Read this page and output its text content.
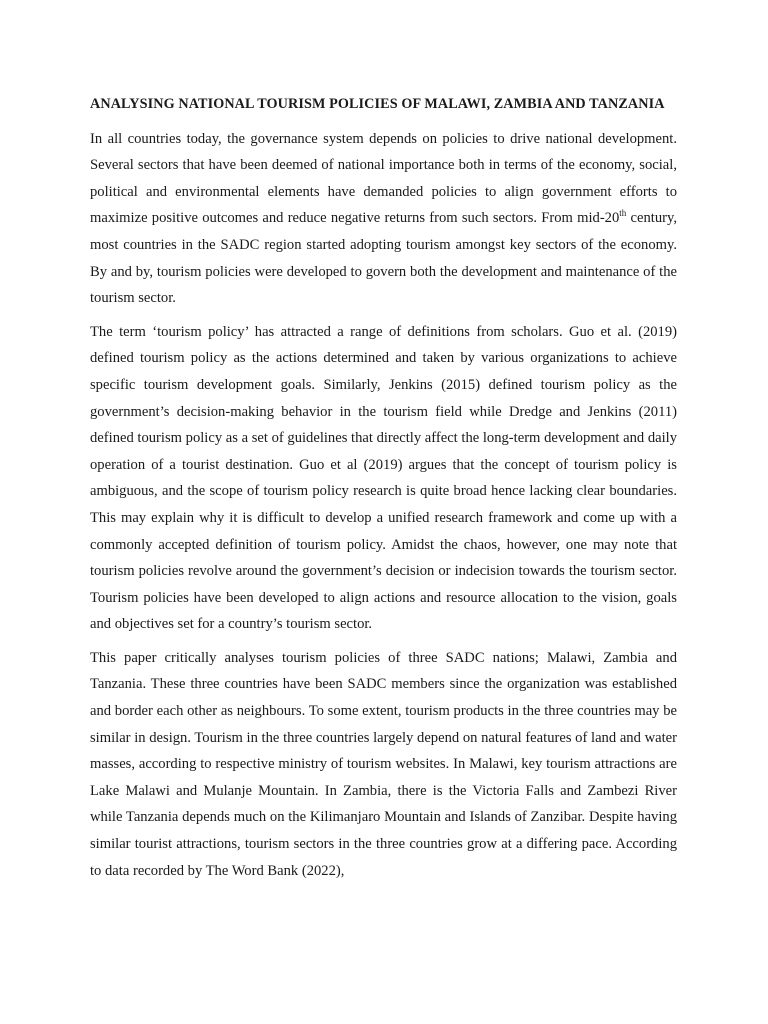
ANALYSING NATIONAL TOURISM POLICIES OF MALAWI, ZAMBIA AND TANZANIA

In all countries today, the governance system depends on policies to drive national development. Several sectors that have been deemed of national importance both in terms of the economy, social, political and environmental elements have demanded policies to align government efforts to maximize positive outcomes and reduce negative returns from such sectors. From mid-20th century, most countries in the SADC region started adopting tourism amongst key sectors of the economy. By and by, tourism policies were developed to govern both the development and maintenance of the tourism sector.

The term ‘tourism policy’ has attracted a range of definitions from scholars. Guo et al. (2019) defined tourism policy as the actions determined and taken by various organizations to achieve specific tourism development goals. Similarly, Jenkins (2015) defined tourism policy as the government’s decision-making behavior in the tourism field while Dredge and Jenkins (2011) defined tourism policy as a set of guidelines that directly affect the long-term development and daily operation of a tourist destination. Guo et al (2019) argues that the concept of tourism policy is ambiguous, and the scope of tourism policy research is quite broad hence lacking clear boundaries. This may explain why it is difficult to develop a unified research framework and come up with a commonly accepted definition of tourism policy. Amidst the chaos, however, one may note that tourism policies revolve around the government’s decision or indecision towards the tourism sector. Tourism policies have been developed to align actions and resource allocation to the vision, goals and objectives set for a country’s tourism sector.

This paper critically analyses tourism policies of three SADC nations; Malawi, Zambia and Tanzania. These three countries have been SADC members since the organization was established and border each other as neighbours. To some extent, tourism products in the three countries may be similar in design. Tourism in the three countries largely depend on natural features of land and water masses, according to respective ministry of tourism websites. In Malawi, key tourism attractions are Lake Malawi and Mulanje Mountain. In Zambia, there is the Victoria Falls and Zambezi River while Tanzania depends much on the Kilimanjaro Mountain and Islands of Zanzibar. Despite having similar tourist attractions, tourism sectors in the three countries grow at a differing pace. According to data recorded by The Word Bank (2022),
